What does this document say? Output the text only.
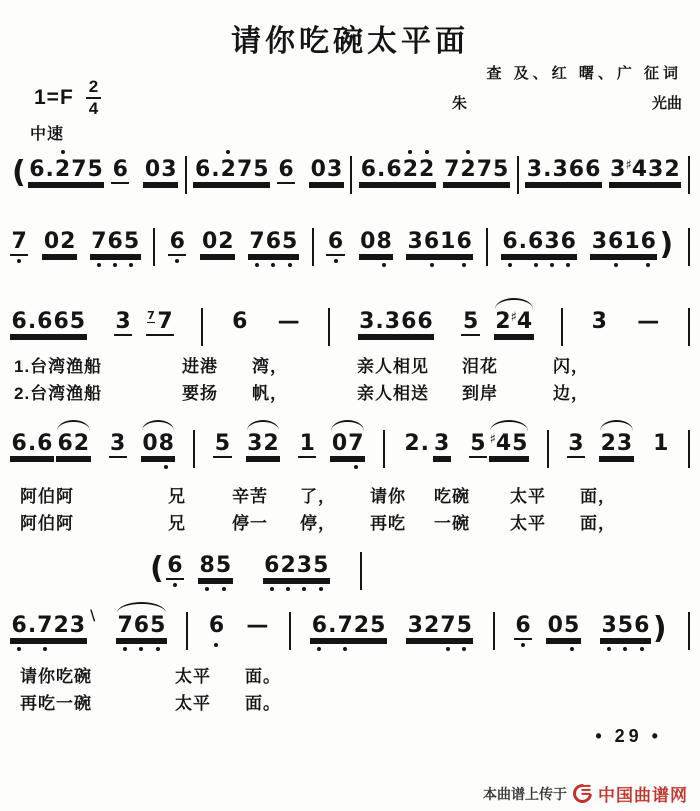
请你吃碗太平面
查 及、红 曙、广 征词
朱	光曲
$1=F \frac{2}{4}$
中速
( 6.2
75 6 03 6.2
75 6 03 6.62
2 72
75 3.366 3♯432
7 02 7
6
5 6 02 7
6
5 6 08 36
16 6
.6
3
6 36
16 )
6.665 3 $^7$ 7	6 —	3.366 5 2♯4	3 —
1.台湾渔船	进港 湾，	亲人相见 泪花	闪，
2.台湾渔船	要扬 帆，	亲人相送 到岸	边，
6.6 62 3 08 5 32 1 07 2. 3 5 ♯45 3 23 1
阿伯阿	兄	辛苦 了， 请你 吃碗 太平 面，
阿伯阿	兄	停一 停， 再吃 一碗 太平 面，
( 6 8
5 6
2
3
5
6
.7
23 \ 7
6
5 6 — 6
.7
25 327
5 6 05 3
5
6 )
请你吃碗	太平 面。
再吃一碗	太平 面。
• 29 •
本曲谱上传于 中国曲谱网
